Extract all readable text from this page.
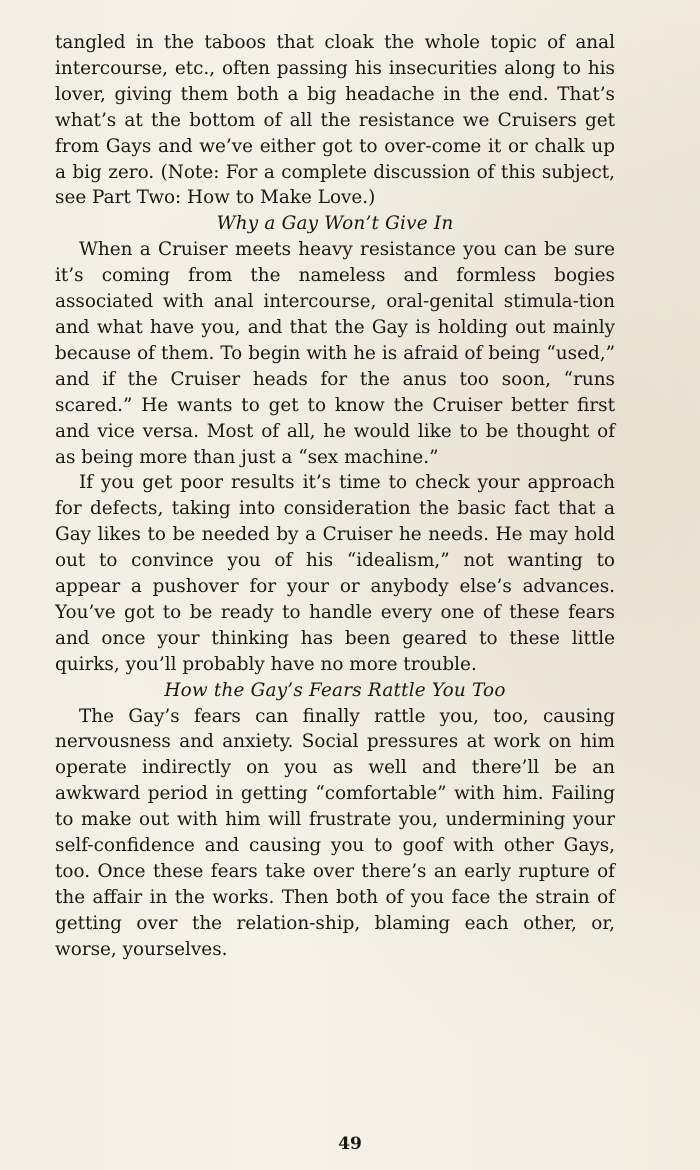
tangled in the taboos that cloak the whole topic of anal intercourse, etc., often passing his insecurities along to his lover, giving them both a big headache in the end. That’s what’s at the bottom of all the resistance we Cruisers get from Gays and we’ve either got to over-come it or chalk up a big zero. (Note: For a complete discussion of this subject, see Part Two: How to Make Love.)

Why a Gay Won’t Give In

When a Cruiser meets heavy resistance you can be sure it’s coming from the nameless and formless bogies associated with anal intercourse, oral-genital stimula-tion and what have you, and that the Gay is holding out mainly because of them. To begin with he is afraid of being “used,” and if the Cruiser heads for the anus too soon, “runs scared.” He wants to get to know the Cruiser better first and vice versa. Most of all, he would like to be thought of as being more than just a “sex machine.”

If you get poor results it’s time to check your approach for defects, taking into consideration the basic fact that a Gay likes to be needed by a Cruiser he needs. He may hold out to convince you of his “idealism,” not wanting to appear a pushover for your or anybody else’s advances. You’ve got to be ready to handle every one of these fears and once your thinking has been geared to these little quirks, you’ll probably have no more trouble.

How the Gay’s Fears Rattle You Too

The Gay’s fears can finally rattle you, too, causing nervousness and anxiety. Social pressures at work on him operate indirectly on you as well and there’ll be an awkward period in getting “comfortable” with him. Failing to make out with him will frustrate you, undermining your self-confidence and causing you to goof with other Gays, too. Once these fears take over there’s an early rupture of the affair in the works. Then both of you face the strain of getting over the relation-ship, blaming each other, or, worse, yourselves.

49
